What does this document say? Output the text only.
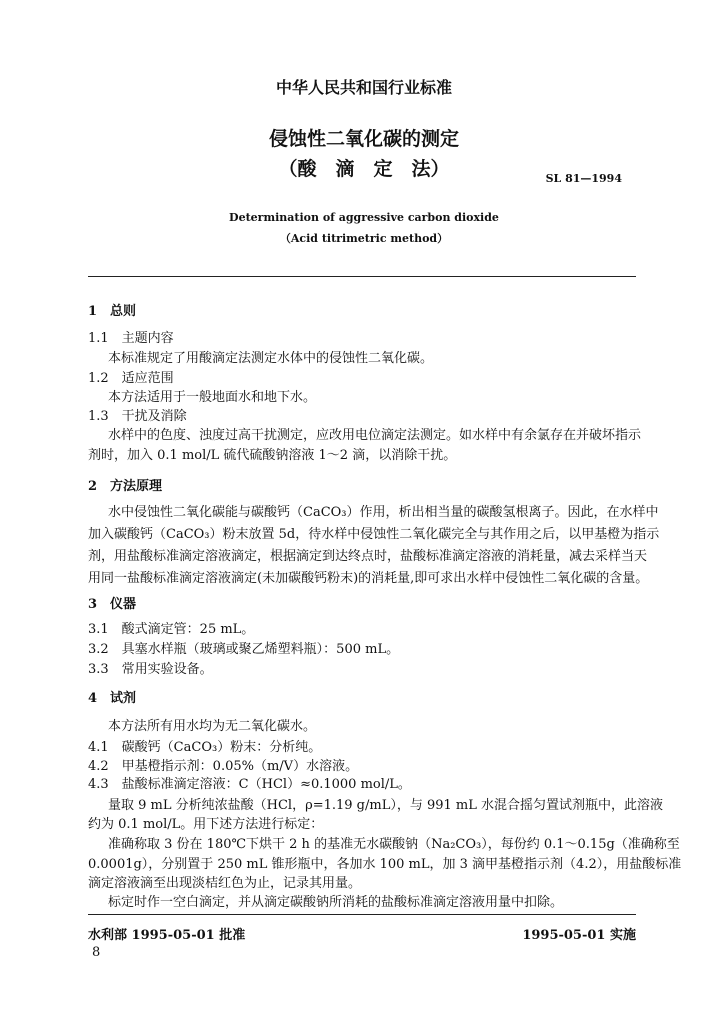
中华人民共和国行业标准
侵蚀性二氧化碳的测定
（酸　滴　定　法）	SL 81—1994
Determination of aggressive carbon dioxide
（Acid titrimetric method）
1　总则
1.1　主题内容
本标准规定了用酸滴定法测定水体中的侵蚀性二氧化碳。
1.2　适应范围
本方法适用于一般地面水和地下水。
1.3　干扰及消除
水样中的色度、浊度过高干扰测定，应改用电位滴定法测定。如水样中有余氯存在并破坏指示
剂时，加入 0.1 mol/L 硫代硫酸钠溶液 1～2 滴，以消除干扰。
2　方法原理
水中侵蚀性二氧化碳能与碳酸钙（CaCO₃）作用，析出相当量的碳酸氢根离子。因此，在水样中
加入碳酸钙（CaCO₃）粉末放置 5d，待水样中侵蚀性二氧化碳完全与其作用之后，以甲基橙为指示
剂，用盐酸标准滴定溶液滴定，根据滴定到达终点时，盐酸标准滴定溶液的消耗量，减去采样当天
用同一盐酸标准滴定溶液滴定(未加碳酸钙粉末)的消耗量,即可求出水样中侵蚀性二氧化碳的含量。
3　仪器
3.1　酸式滴定管：25 mL。
3.2　具塞水样瓶（玻璃或聚乙烯塑料瓶）：500 mL。
3.3　常用实验设备。
4　试剂
本方法所有用水均为无二氧化碳水。
4.1　碳酸钙（CaCO₃）粉末：分析纯。
4.2　甲基橙指示剂：0.05%（m/V）水溶液。
4.3　盐酸标准滴定溶液：C（HCl）≈0.1000 mol/L。
量取 9 mL 分析纯浓盐酸（HCl，ρ=1.19 g/mL），与 991 mL 水混合摇匀置试剂瓶中，此溶液
约为 0.1 mol/L。用下述方法进行标定：
准确称取 3 份在 180℃下烘干 2 h 的基准无水碳酸钠（Na₂CO₃），每份约 0.1～0.15g（准确称至
0.0001g），分别置于 250 mL 锥形瓶中，各加水 100 mL，加 3 滴甲基橙指示剂（4.2），用盐酸标准
滴定溶液滴至出现淡桔红色为止，记录其用量。
标定时作一空白滴定，并从滴定碳酸钠所消耗的盐酸标准滴定溶液用量中扣除。
水利部 1995-05-01 批准	1995-05-01 实施
8
